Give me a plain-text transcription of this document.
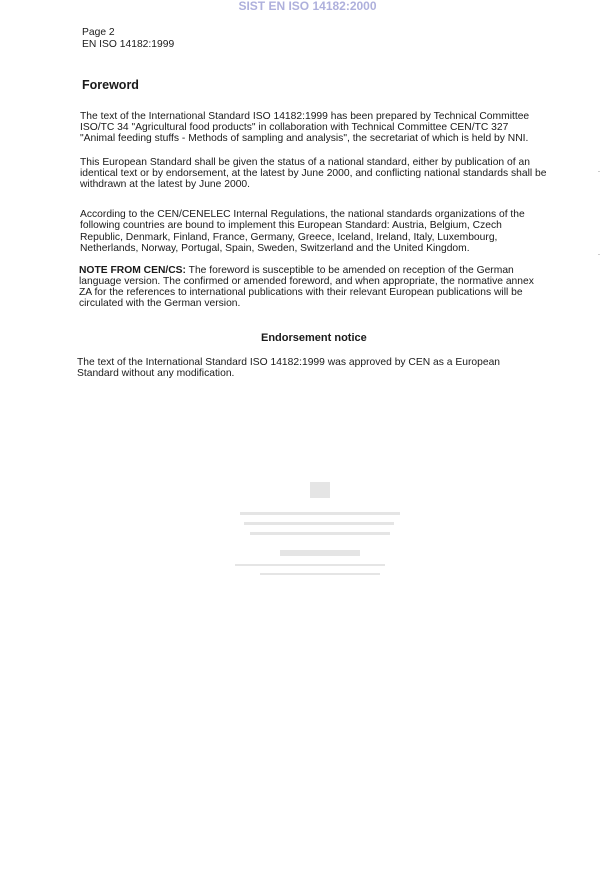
SIST EN ISO 14182:2000
Page 2
EN ISO 14182:1999
Foreword
The text of the International Standard ISO 14182:1999 has been prepared by Technical Committee
ISO/TC 34 "Agricultural food products" in collaboration with Technical Committee CEN/TC 327
"Animal feeding stuffs - Methods of sampling and analysis", the secretariat of which is held by NNI.
This European Standard shall be given the status of a national standard, either by publication of an
identical text or by endorsement, at the latest by June 2000, and conflicting national standards shall be
withdrawn at the latest by June 2000.
According to the CEN/CENELEC Internal Regulations, the national standards organizations of the
following countries are bound to implement this European Standard: Austria, Belgium, Czech
Republic, Denmark, Finland, France, Germany, Greece, Iceland, Ireland, Italy, Luxembourg,
Netherlands, Norway, Portugal, Spain, Sweden, Switzerland and the United Kingdom.
NOTE FROM CEN/CS: The foreword is susceptible to be amended on reception of the German
language version. The confirmed or amended foreword, and when appropriate, the normative annex
ZA for the references to international publications with their relevant European publications will be
circulated with the German version.
Endorsement notice
The text of the International Standard ISO 14182:1999 was approved by CEN as a European
Standard without any modification.
